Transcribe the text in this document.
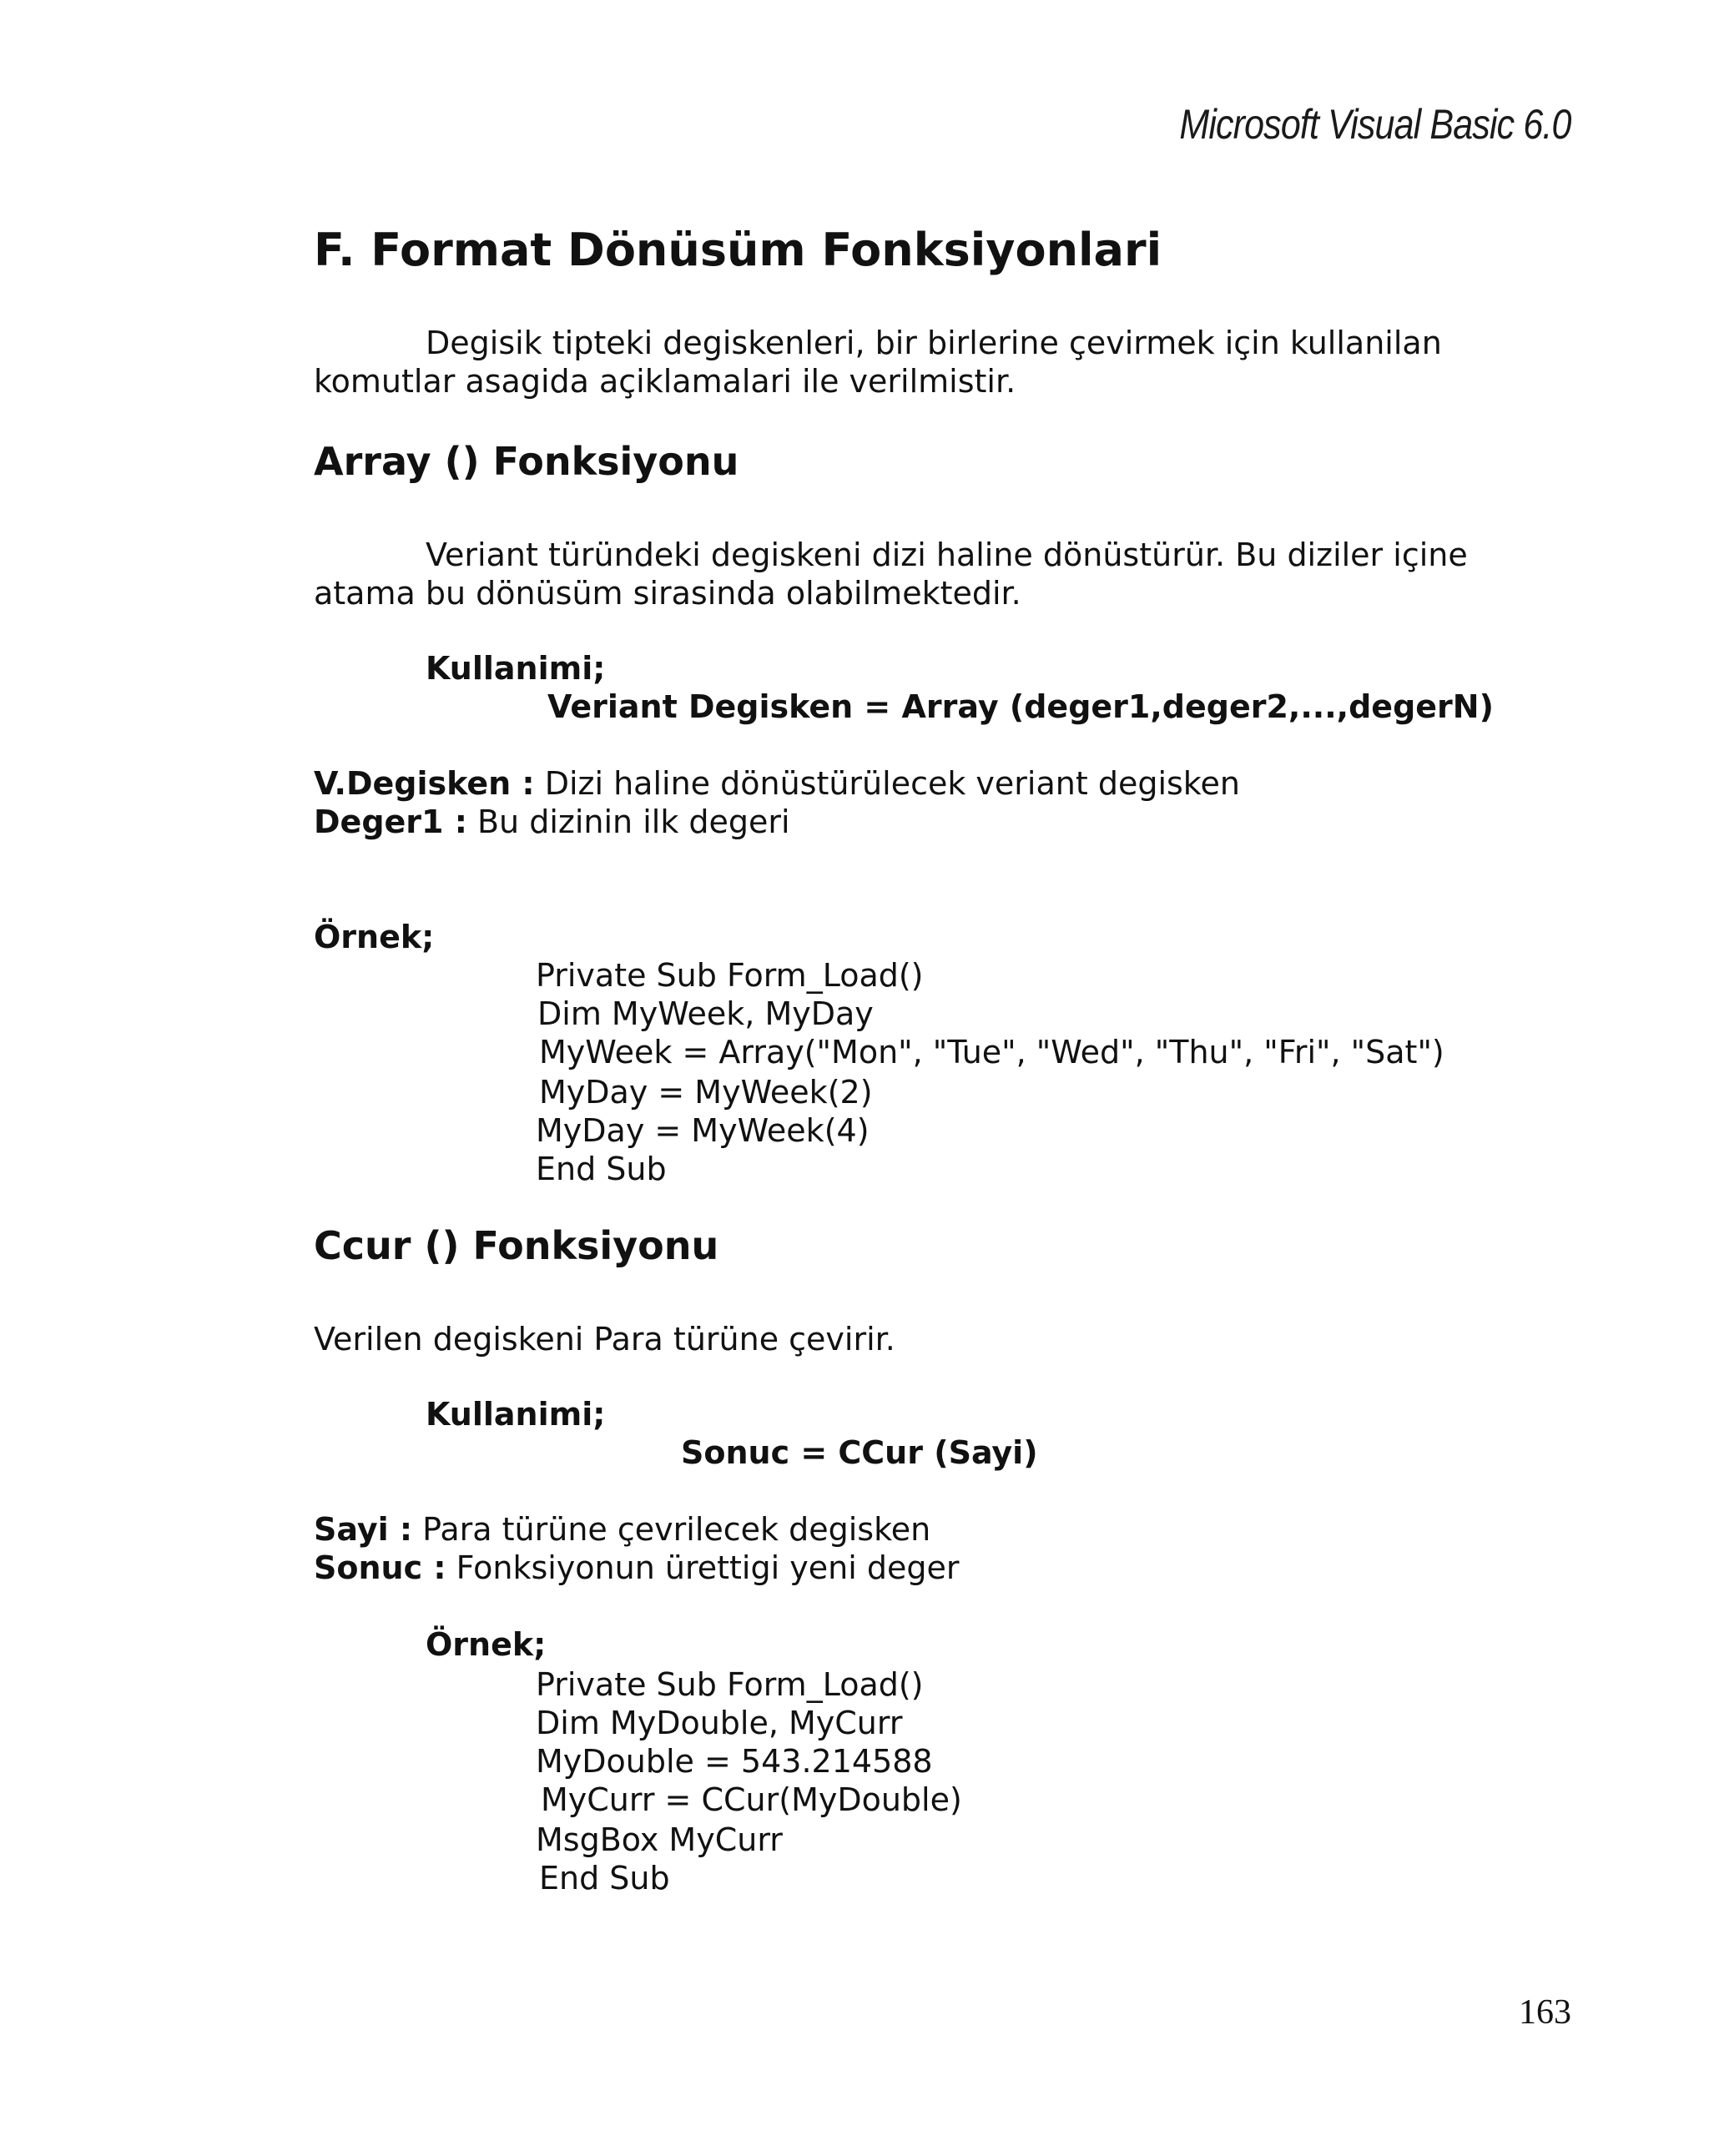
Microsoft Visual Basic 6.0
F. Format Dönüsüm Fonksiyonlari
Degisik tipteki degiskenleri, bir birlerine çevirmek için kullanilan
komutlar asagida açiklamalari ile verilmistir.
Array () Fonksiyonu
Veriant türündeki degiskeni dizi haline dönüstürür. Bu diziler içine
atama bu dönüsüm sirasinda olabilmektedir.
Kullanimi;
Veriant Degisken = Array (deger1,deger2,...,degerN)
V.Degisken : Dizi haline dönüstürülecek veriant degisken
Deger1 : Bu dizinin ilk degeri
Örnek;
Private Sub Form_Load()
Dim MyWeek, MyDay
MyWeek = Array("Mon", "Tue", "Wed", "Thu", "Fri", "Sat")
MyDay = MyWeek(2)
MyDay = MyWeek(4)
End Sub
Ccur () Fonksiyonu
Verilen degiskeni Para türüne çevirir.
Kullanimi;
Sonuc = CCur (Sayi)
Sayi : Para türüne çevrilecek degisken
Sonuc : Fonksiyonun ürettigi yeni deger
Örnek;
Private Sub Form_Load()
Dim MyDouble, MyCurr
MyDouble = 543.214588
MyCurr = CCur(MyDouble)
MsgBox MyCurr
End Sub
163
